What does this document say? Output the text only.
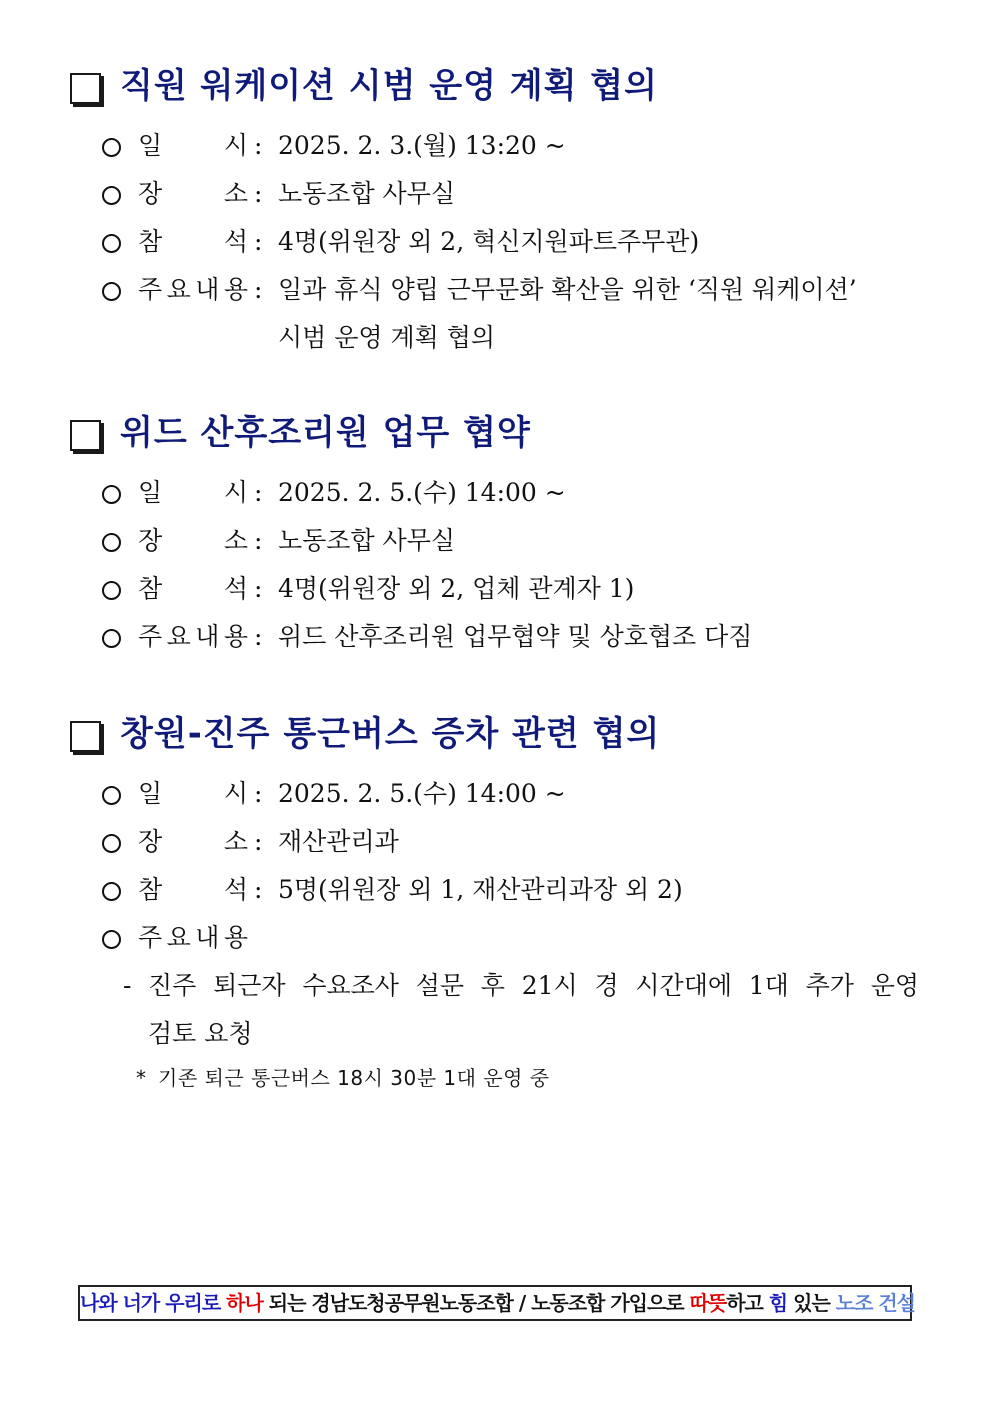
직원 워케이션 시범 운영 계획 협의
일 시 : 2025. 2. 3.(월) 13:20 ~
장 소 : 노동조합 사무실
참 석 : 4명(위원장 외 2, 혁신지원파트주무관)
주 요 내 용 : 일과 휴식 양립 근무문화 확산을 위한 ‘직원 워케이션’
시범 운영 계획 협의
위드 산후조리원 업무 협약
일 시 : 2025. 2. 5.(수) 14:00 ~
장 소 : 노동조합 사무실
참 석 : 4명(위원장 외 2, 업체 관계자 1)
주 요 내 용 : 위드 산후조리원 업무협약 및 상호협조 다짐
창원-진주 통근버스 증차 관련 협의
일 시 : 2025. 2. 5.(수) 14:00 ~
장 소 : 재산관리과
참 석 : 5명(위원장 외 1, 재산관리과장 외 2)
주 요 내 용
- 진주 퇴근자 수요조사 설문 후 21시 경 시간대에 1대 추가 운영
검토 요청
* 기존 퇴근 통근버스 18시 30분 1대 운영 중
나와 너가 우리로 하나 되는 경남도청공무원노동조합 / 노동조합 가입으로 따뜻하고 힘 있는 노조 건설
